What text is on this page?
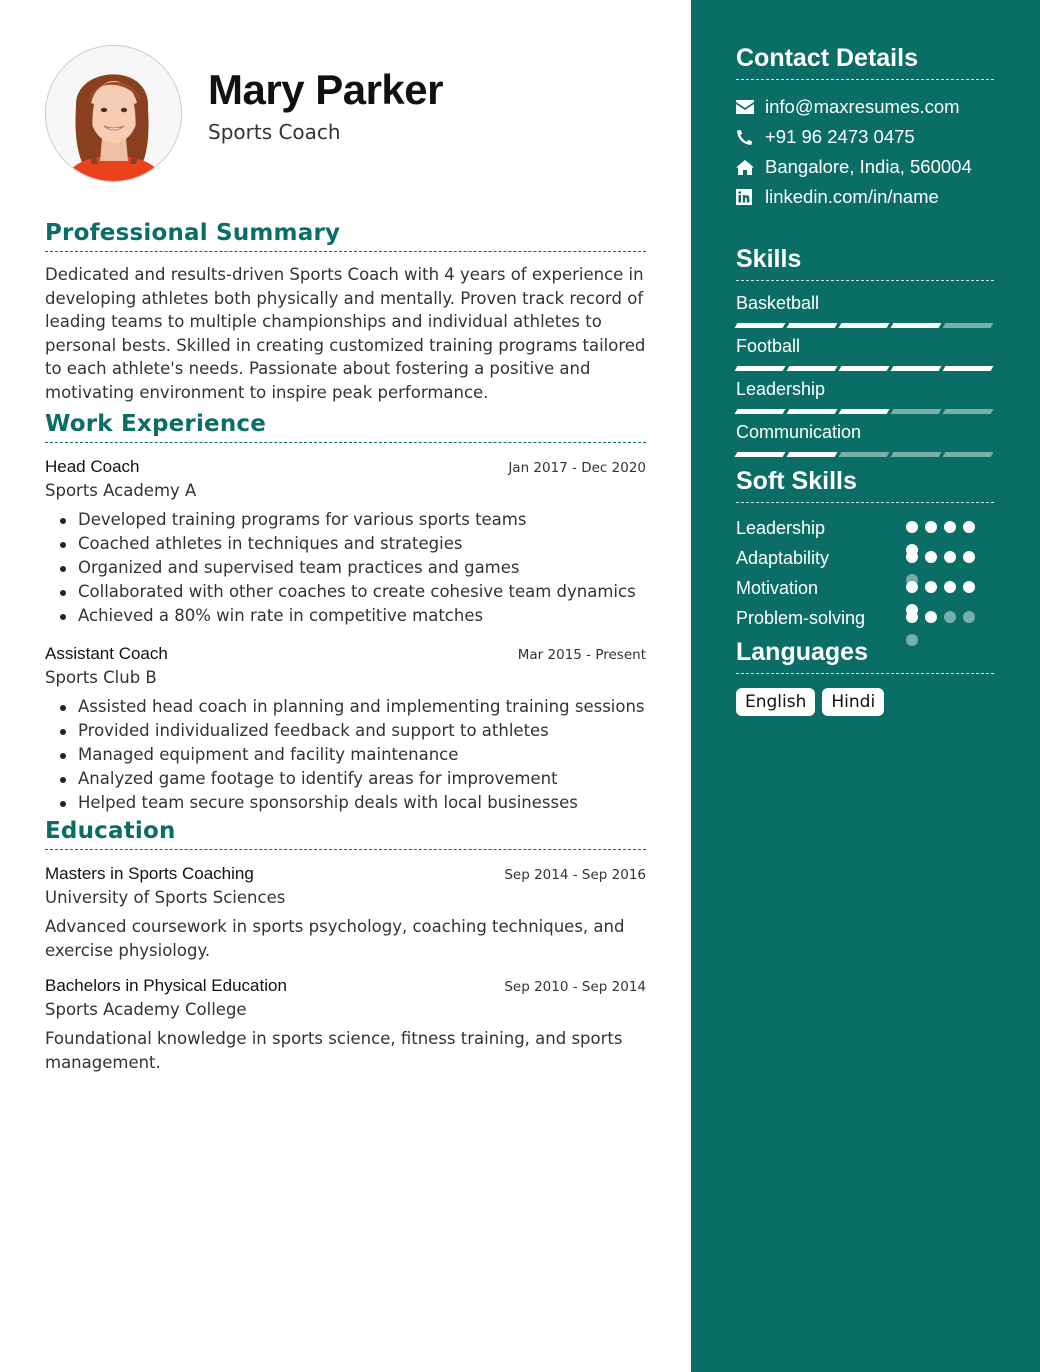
Mary Parker
Sports Coach
Professional Summary

Dedicated and results-driven Sports Coach with 4 years of experience in developing athletes both physically and mentally. Proven track record of leading teams to multiple championships and individual athletes to personal bests. Skilled in creating customized training programs tailored to each athlete's needs. Passionate about fostering a positive and motivating environment to inspire peak performance.

Work Experience
Head Coach	Jan 2017 - Dec 2020
Sports Academy A
Developed training programs for various sports teams
Coached athletes in techniques and strategies
Organized and supervised team practices and games
Collaborated with other coaches to create cohesive team dynamics
Achieved a 80% win rate in competitive matches
Assistant Coach	Mar 2015 - Present
Sports Club B
Assisted head coach in planning and implementing training sessions
Provided individualized feedback and support to athletes
Managed equipment and facility maintenance
Analyzed game footage to identify areas for improvement
Helped team secure sponsorship deals with local businesses
Education
Masters in Sports Coaching	Sep 2014 - Sep 2016
University of Sports Sciences

Advanced coursework in sports psychology, coaching techniques, and exercise physiology.

Bachelors in Physical Education	Sep 2010 - Sep 2014
Sports Academy College

Foundational knowledge in sports science, fitness training, and sports management.

Contact Details
info@maxresumes.com
+91 96 2473 0475
Bangalore, India, 560004
linkedin.com/in/name
Skills
Basketball
Football
Leadership
Communication
Soft Skills
Leadership
Adaptability
Motivation
Problem-solving
Languages
English	Hindi
